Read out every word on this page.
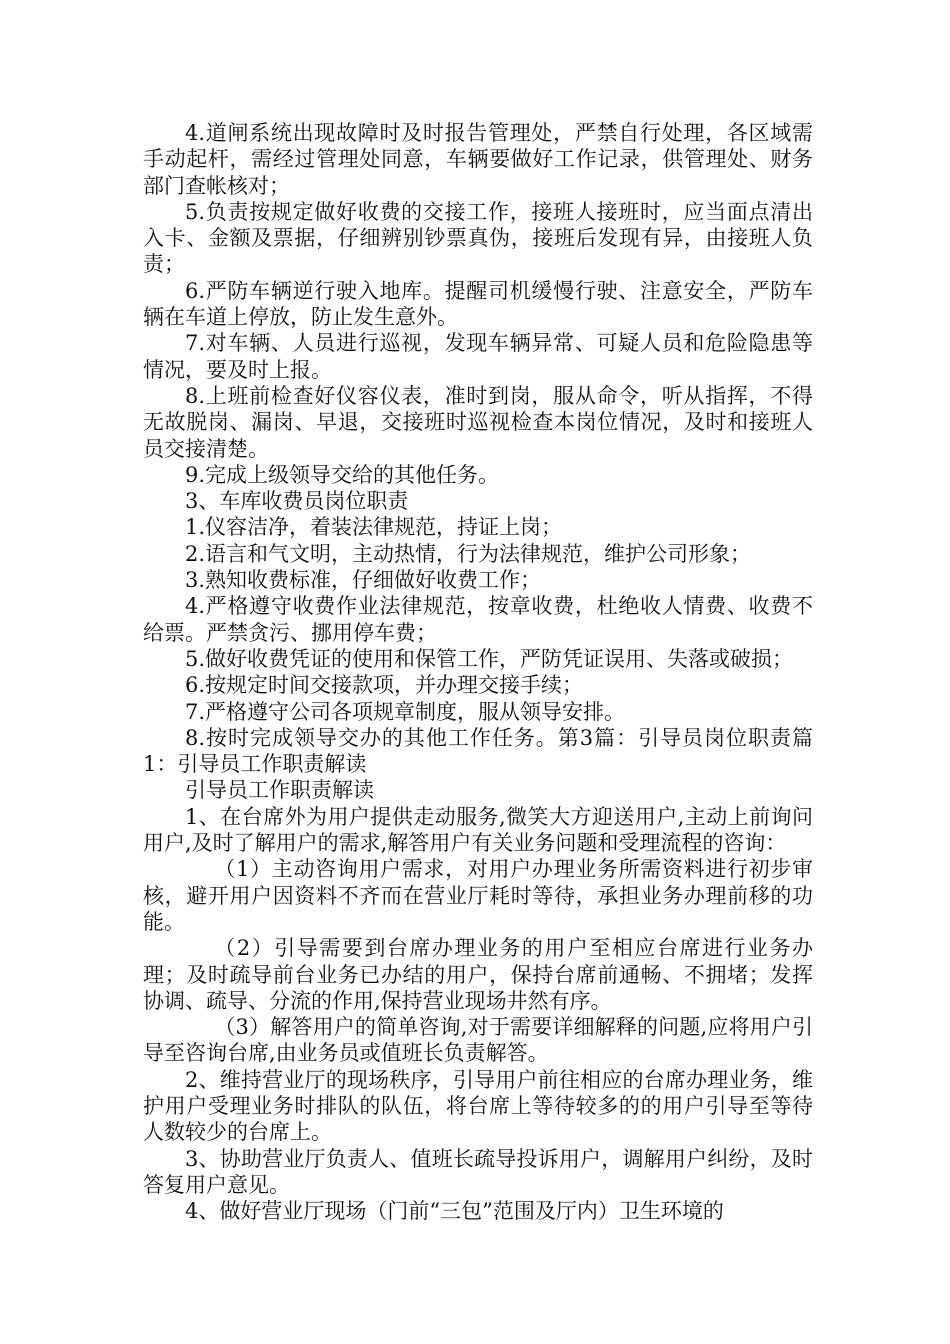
4.道闸系统出现故障时及时报告管理处，严禁自行处理，各区域需手动起杆，需经过管理处同意，车辆要做好工作记录，供管理处、财务部门查帐核对；

5.负责按规定做好收费的交接工作，接班人接班时，应当面点清出入卡、金额及票据，仔细辨别钞票真伪，接班后发现有异，由接班人负责；

6.严防车辆逆行驶入地库。提醒司机缓慢行驶、注意安全，严防车辆在车道上停放，防止发生意外。

7.对车辆、人员进行巡视，发现车辆异常、可疑人员和危险隐患等情况，要及时上报。

8.上班前检查好仪容仪表，准时到岗，服从命令，听从指挥，不得无故脱岗、漏岗、早退，交接班时巡视检查本岗位情况，及时和接班人员交接清楚。

9.完成上级领导交给的其他任务。

3、车库收费员岗位职责

1.仪容洁净，着装法律规范，持证上岗；

2.语言和气文明，主动热情，行为法律规范，维护公司形象；

3.熟知收费标准，仔细做好收费工作；

4.严格遵守收费作业法律规范，按章收费，杜绝收人情费、收费不给票。严禁贪污、挪用停车费；

5.做好收费凭证的使用和保管工作，严防凭证误用、失落或破损；

6.按规定时间交接款项，并办理交接手续；

7.严格遵守公司各项规章制度，服从领导安排。

8.按时完成领导交办的其他工作任务。第3篇：引导员岗位职责篇1：引导员工作职责解读

引导员工作职责解读

1、在台席外为用户提供走动服务,微笑大方迎送用户,主动上前询问用户,及时了解用户的需求,解答用户有关业务问题和受理流程的咨询：

（1）主动咨询用户需求，对用户办理业务所需资料进行初步审核，避开用户因资料不齐而在营业厅耗时等待，承担业务办理前移的功能。

（2）引导需要到台席办理业务的用户至相应台席进行业务办理；及时疏导前台业务已办结的用户，保持台席前通畅、不拥堵；发挥协调、疏导、分流的作用,保持营业现场井然有序。

（3）解答用户的简单咨询,对于需要详细解释的问题,应将用户引导至咨询台席,由业务员或值班长负责解答。

2、维持营业厅的现场秩序，引导用户前往相应的台席办理业务，维护用户受理业务时排队的队伍，将台席上等待较多的的用户引导至等待人数较少的台席上。

3、协助营业厅负责人、值班长疏导投诉用户，调解用户纠纷，及时答复用户意见。

4、做好营业厅现场（门前“三包”范围及厅内）卫生环境的
